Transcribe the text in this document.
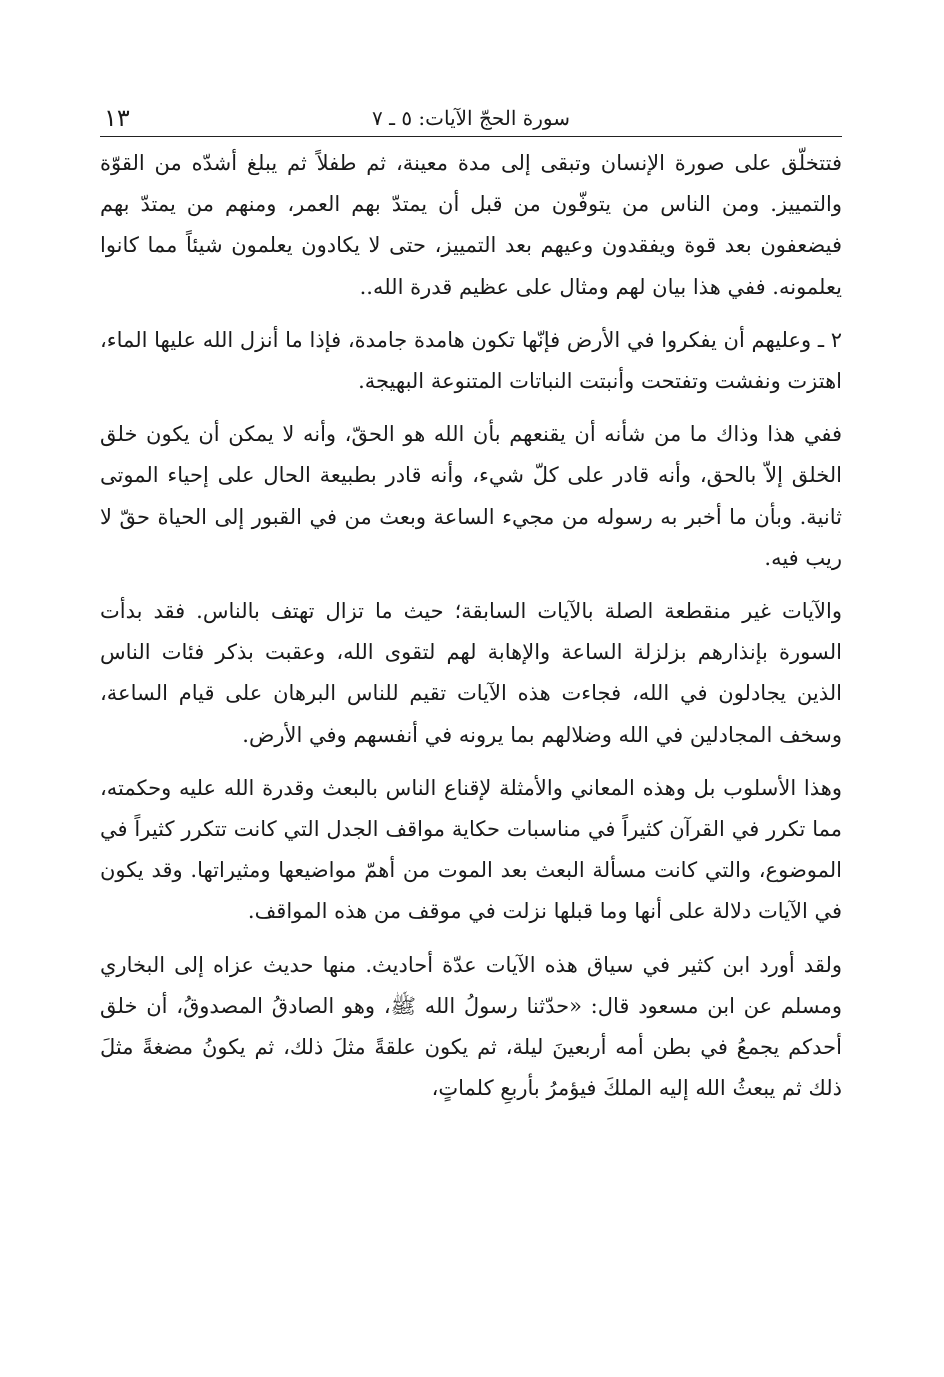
سورة الحجّ الآيات: ٥ ـ ٧
١٣

فتتخلّق على صورة الإنسان وتبقى إلى مدة معينة، ثم طفلاً ثم يبلغ أشدّه من القوّة والتمييز. ومن الناس من يتوفّون من قبل أن يمتدّ بهم العمر، ومنهم من يمتدّ بهم فيضعفون بعد قوة ويفقدون وعيهم بعد التمييز، حتى لا يكادون يعلمون شيئاً مما كانوا يعلمونه. ففي هذا بيان لهم ومثال على عظيم قدرة الله..

٢ ـ وعليهم أن يفكروا في الأرض فإنّها تكون هامدة جامدة، فإذا ما أنزل الله عليها الماء، اهتزت ونفشت وتفتحت وأنبتت النباتات المتنوعة البهيجة.

ففي هذا وذاك ما من شأنه أن يقنعهم بأن الله هو الحقّ، وأنه لا يمكن أن يكون خلق الخلق إلاّ بالحق، وأنه قادر على كلّ شيء، وأنه قادر بطبيعة الحال على إحياء الموتى ثانية. وبأن ما أخبر به رسوله من مجيء الساعة وبعث من في القبور إلى الحياة حقّ لا ريب فيه.

والآيات غير منقطعة الصلة بالآيات السابقة؛ حيث ما تزال تهتف بالناس. فقد بدأت السورة بإنذارهم بزلزلة الساعة والإهابة لهم لتقوى الله، وعقبت بذكر فئات الناس الذين يجادلون في الله، فجاءت هذه الآيات تقيم للناس البرهان على قيام الساعة، وسخف المجادلين في الله وضلالهم بما يرونه في أنفسهم وفي الأرض.

وهذا الأسلوب بل وهذه المعاني والأمثلة لإقناع الناس بالبعث وقدرة الله عليه وحكمته، مما تكرر في القرآن كثيراً في مناسبات حكاية مواقف الجدل التي كانت تتكرر كثيراً في الموضوع، والتي كانت مسألة البعث بعد الموت من أهمّ مواضيعها ومثيراتها. وقد يكون في الآيات دلالة على أنها وما قبلها نزلت في موقف من هذه المواقف.

ولقد أورد ابن كثير في سياق هذه الآيات عدّة أحاديث. منها حديث عزاه إلى البخاري ومسلم عن ابن مسعود قال: «حدّثنا رسولُ الله ﷺ، وهو الصادقُ المصدوقُ، أن خلق أحدكم يجمعُ في بطن أمه أربعينَ ليلة، ثم يكون علقةً مثلَ ذلك، ثم يكونُ مضغةً مثلَ ذلك ثم يبعثُ الله إليه الملكَ فيؤمرُ بأربعِ كلماتٍ،
